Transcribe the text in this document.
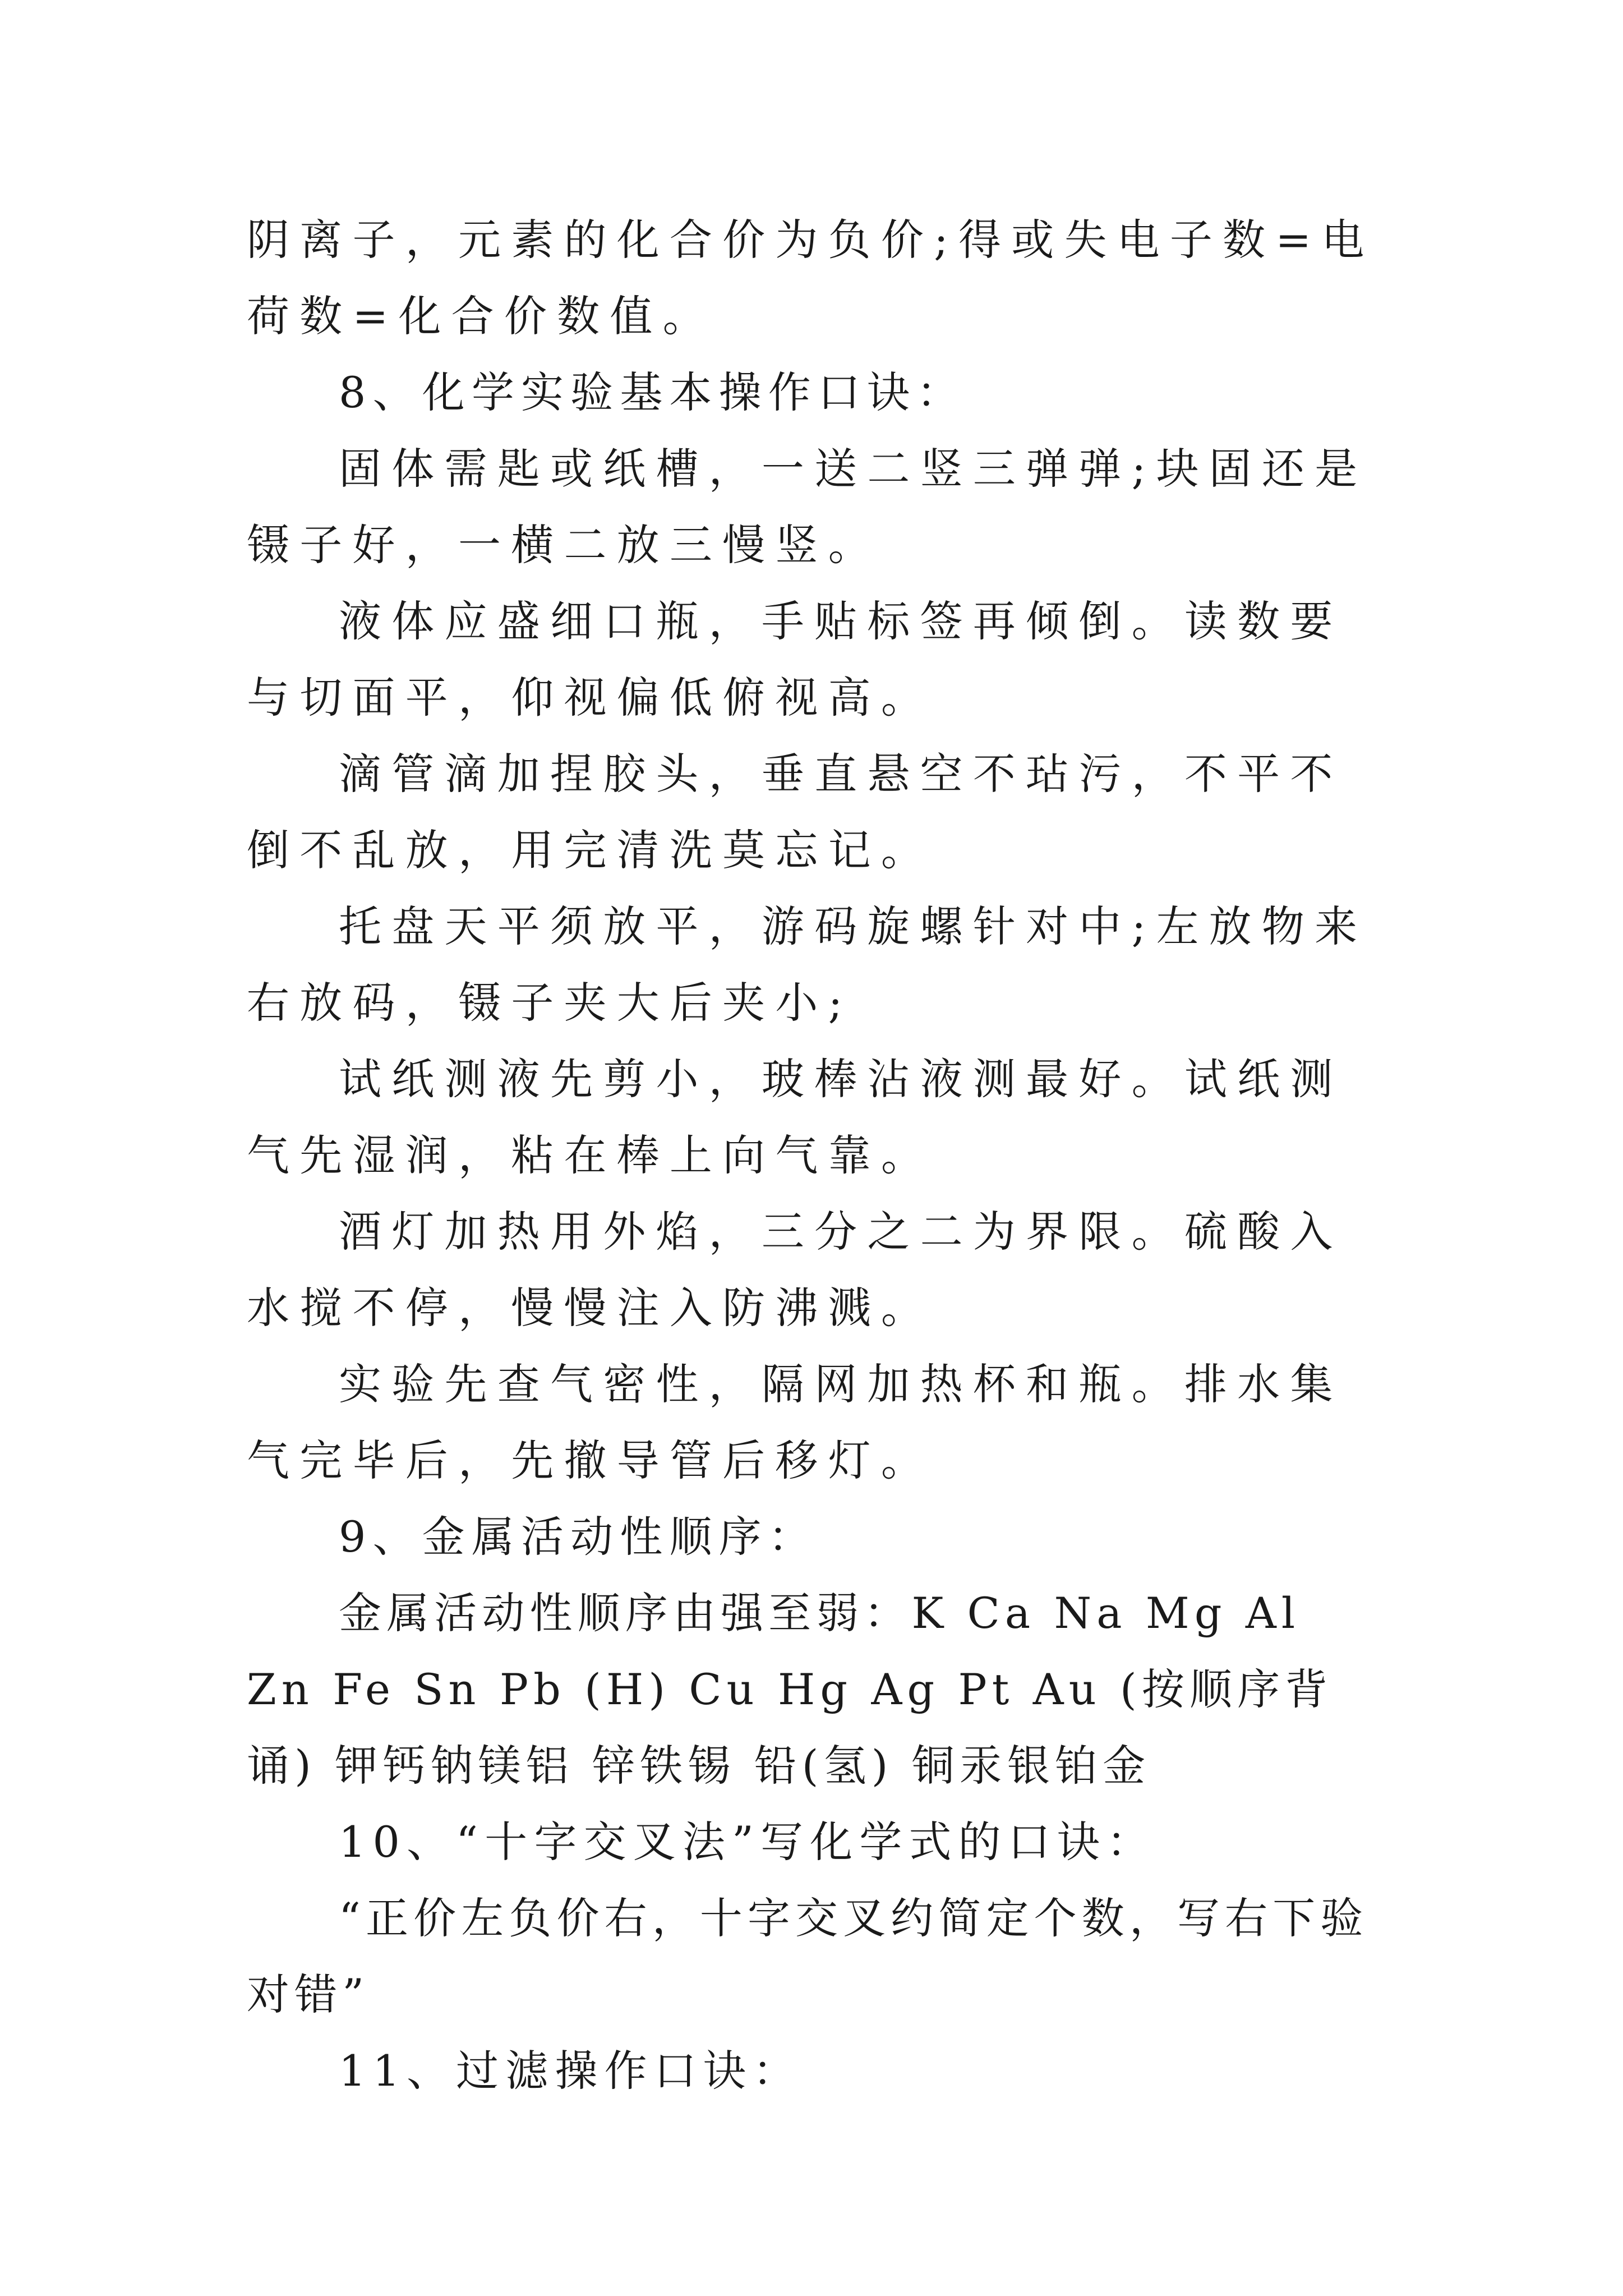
阴离子，元素的化合价为负价;得或失电子数=电荷数=化合价数值。

8、化学实验基本操作口诀：

固体需匙或纸槽，一送二竖三弹弹;块固还是镊子好，一横二放三慢竖。

液体应盛细口瓶，手贴标签再倾倒。读数要与切面平，仰视偏低俯视高。

滴管滴加捏胶头，垂直悬空不玷污，不平不倒不乱放，用完清洗莫忘记。

托盘天平须放平，游码旋螺针对中;左放物来右放码，镊子夹大后夹小;

试纸测液先剪小，玻棒沾液测最好。试纸测气先湿润，粘在棒上向气靠。

酒灯加热用外焰，三分之二为界限。硫酸入水搅不停，慢慢注入防沸溅。

实验先查气密性，隔网加热杯和瓶。排水集气完毕后，先撤导管后移灯。

9、金属活动性顺序：

金属活动性顺序由强至弱：K Ca Na Mg Al Zn Fe Sn Pb (H) Cu Hg Ag Pt Au (按顺序背诵) 钾钙钠镁铝 锌铁锡 铅(氢) 铜汞银铂金

10、“十字交叉法”写化学式的口诀：

“正价左负价右，十字交叉约简定个数，写右下验对错”

11、过滤操作口诀：
